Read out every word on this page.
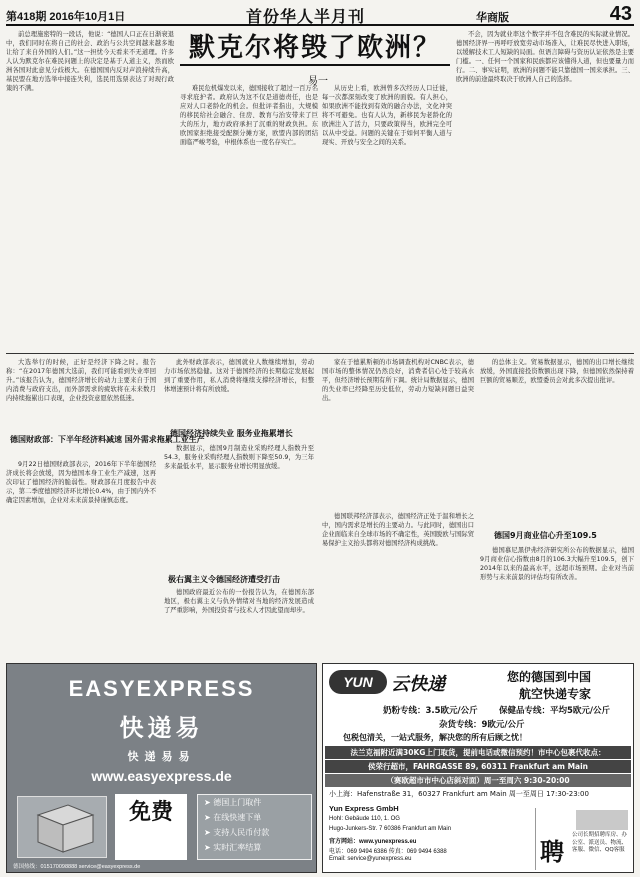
第418期 2016年10月1日	首份华人半月刊	华商版	43
默克尔将毁了欧洲？
易一

前总理施密特的一段话，他说：“德国人口正在日渐衰退中，我们同时在将自己的社会、政治与公共空间越来越多地让给了来自外国的人们。”这一担忧今天看来不无道理。许多人认为默克尔在难民问题上的决定是基于人道主义，然而欧洲各国对此意见分歧极大。在德国国内反对声浪持续升高，基民盟在地方选举中接连失利，选民用选票表达了对现行政策的不满。	难民危机爆发以来，德国接收了超过一百万名寻求庇护者。政府认为这不仅是道德责任，也是应对人口老龄化的机会。但批评者指出，大规模的移民给社会融合、住房、教育与治安带来了巨大的压力，地方政府承担了沉重的财政负担。东欧国家拒绝接受配额分摊方案，欧盟内部的团结面临严峻考验，申根体系也一度名存实亡。

从历史上看，欧洲曾多次经历人口迁徙，每一次都深刻改变了欧洲的面貌。有人担心，如果欧洲不能找到有效的融合办法，文化冲突将不可避免。也有人认为，新移民为老龄化的欧洲注入了活力，只要政策得当，欧洲完全可以从中受益。问题的关键在于如何平衡人道与现实、开放与安全之间的关系。

不会，因为就业率这个数字并不包含难民的实际就业情况。德国经济界一再呼吁放宽劳动市场准入，让难民尽快进入职场，以缓解技术工人短缺的局面。但语言障碍与资历认证依然是主要门槛。一、任何一个国家和民族都应该懂得人道，但也要量力而行。二、事实证明，欧洲的问题不能只靠德国一国来承担。三、欧洲的前途最终取决于欧洲人自己的选择。

大选举行的时候，正好是经济下降之时。报告称：“在2017年德国大选前，我们可能看到失业率回升。”该报告认为，德国经济增长的动力主要来自于国内消费与政府支出，而外部需求的疲软将在未来数月内持续拖累出口表现，企业投资意愿依然低迷。

德国财政部：下半年经济料减速 国外需求拖累工业生产

9月22日德国财政部表示，2016年下半年德国经济成长将会放缓，因为德国本身工业生产减速，这再次印证了德国经济的脆弱性。财政部在月度报告中表示，第二季度德国经济环比增长0.4%，由于国内外不确定因素增加，企业对未来前景持谨慎态度。

此外财政部表示，德国就业人数继续增加，劳动力市场依然稳健。这对于德国经济的长期稳定发展起到了重要作用，私人消费将继续支撑经济增长，但整体增速预计将有所放缓。

德国经济持续失业 服务业拖累增长

数据显示，德国9月制造业采购经理人指数升至54.3，服务业采购经理人指数则下降至50.9，为三年多来最低水平，显示服务业增长明显放缓。

极右翼主义令德国经济遭受打击

德国政府最近公布的一份报告认为，在德国东部地区，极右翼主义与仇外情绪对当地的经济发展造成了严重影响，外国投资者与技术人才因此望而却步。

家在于德累斯顿的市场调查机构对CNBC表示，德国市场的整体情况仍然良好，消费者信心处于较高水平，但经济增长预期有所下调。统计局数据显示，德国的失业率已经降至历史低位，劳动力短缺问题日益突出。

德国联邦经济部表示，德国经济正处于温和增长之中，国内需求是增长的主要动力。与此同时，德国出口企业面临来自全球市场的不确定性，英国脱欧与国际贸易保护主义抬头都将对德国经济构成挑战。

的总体主义。贸易数据显示，德国的出口增长继续放缓，外国直接投资数额出现下降，但德国依然保持着巨额的贸易顺差，欧盟委员会对此多次提出批评。

德国9月商业信心升至109.5

德国慕尼黑伊弗经济研究所公布的数据显示，德国9月商业信心指数由8月的106.3大幅升至109.5，创下2014年以来的最高水平，远超市场预期。企业对当前形势与未来前景的评估均有所改善。

EASYEXPRESS
快递易
快递易易
www.easyexpress.de
免费	➤ 德国上门取件
➤ 在线快速下单
➤ 支持人民币付款
➤ 实时汇率结算
德国热线：015170098888 service@easyexpress.de
YUN	云快递	您的德国到中国
航空快递专家
奶粉专线：3.5欧元/公斤	保健品专线：平均5欧元/公斤
杂货专线：9欧元/公斤
包税包清关，一站式服务，解决您的所有后顾之忧！
法兰克福附近满30KG上门取货，提前电话或微信预约！市中心包裹代收点：
侯荣行超市，FAHRGASSE 89, 60311 Frankfurt am Main
（赛欧超市市中心店斜对面）周一至周六 9:30-20:00
小上海：Hafenstraße 31，60327 Frankfurt am Main 周一至周日 17:30-23:00
Yun Express GmbH
Hohl: Gebäude 110, 1. OG
Hugo-Junkers-Str. 7 60386 Frankfurt am Main
官方网站：www.yunexpress.eu
电话：069 9494 6386 传真：069 9494 6388
Email: service@yunexpress.eu	聘
公司长期招聘库房、办公室、派送员、物流、客服、微信、QQ客服
